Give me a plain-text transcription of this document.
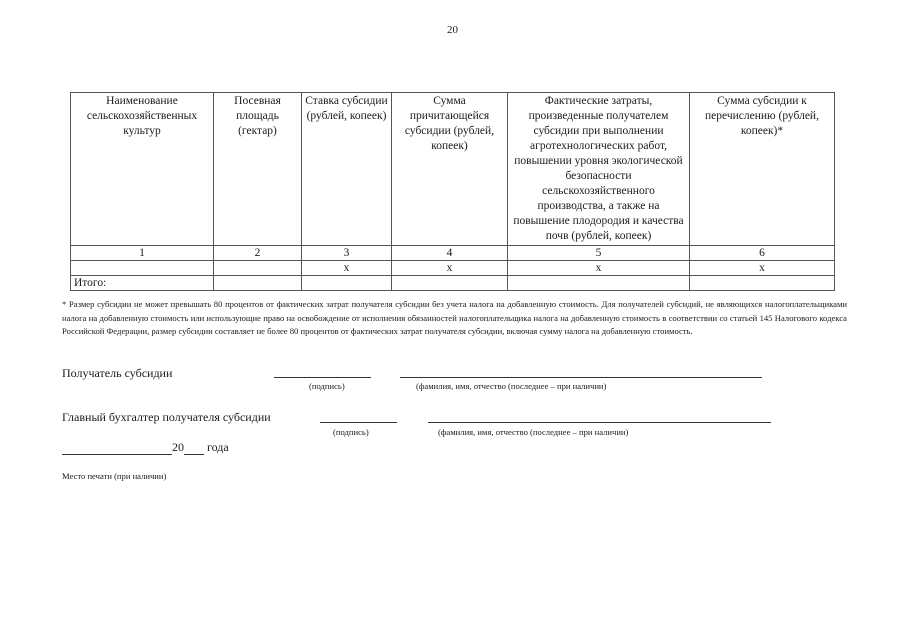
20
Наименование сельскохозяйственных культур	Посевная площадь (гектар)	Ставка субсидии (рублей, копеек)	Сумма причитающейся субсидии (рублей, копеек)	Фактические затраты, произведенные получателем субсидии при выполнении агротехнологических работ, повышении уровня экологической безопасности сельскохозяйственного производства, а также на повышение плодородия и качества почв (рублей, копеек)	Сумма субсидии к перечислению (рублей, копеек)*
1	2	3	4	5	6
		x	x	x	x
Итого:					
* Размер субсидии не может превышать 80 процентов от фактических затрат получателя субсидии без учета налога на добавленную стоимость. Для получателей субсидий, не являющихся налогоплательщиками налога на добавленную стоимость или использующие право на освобождение от исполнения обязанностей налогоплательщика налога на добавленную стоимость в соответствии со статьей 145 Налогового кодекса Российской Федерации, размер субсидии составляет не более 80 процентов от фактических затрат получателя субсидии, включая сумму налога на добавленную стоимость.
Получатель субсидии
(подпись)	(фамилия, имя, отчество (последнее – при наличии)
Главный бухгалтер получателя субсидии
(подпись)	(фамилия, имя, отчество (последнее – при наличии)
20 года
Место печати (при наличии)
